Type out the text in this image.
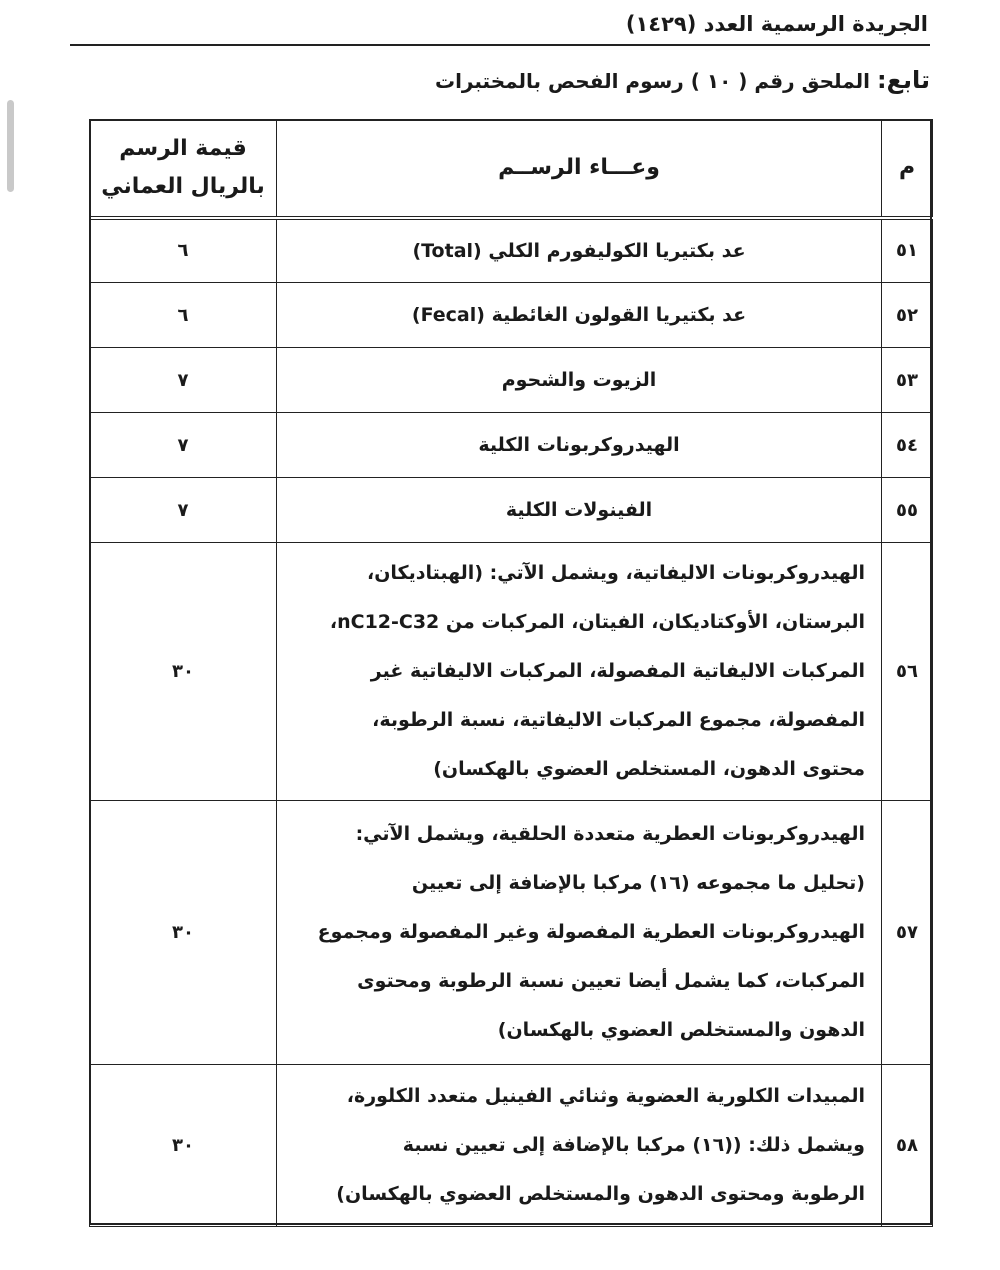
الجريدة الرسمية العدد (١٤٢٩)
تابع: الملحق رقم ( ١٠ ) رسوم الفحص بالمختبرات
م	وعـــاء الرســم	قيمة الرسم
بالريال العماني

٥١	عد بكتيريا الكوليفورم الكلي (Total)	٦
٥٢	عد بكتيريا القولون الغائطية (Fecal)	٦
٥٣	الزيوت والشحوم	٧
٥٤	الهيدروكربونات الكلية	٧
٥٥	الفينولات الكلية	٧
٥٦	الهيدروكربونات الاليفاتية، ويشمل الآتي: (الهبتاديكان،
البرستان، الأوكتاديكان، الفيتان، المركبات من nC12-C32،
المركبات الاليفاتية المفصولة، المركبات الاليفاتية غير
المفصولة، مجموع المركبات الاليفاتية، نسبة الرطوبة،
محتوى الدهون، المستخلص العضوي بالهكسان)	٣٠
٥٧	الهيدروكربونات العطرية متعددة الحلقية، ويشمل الآتي:
(تحليل ما مجموعه (١٦) مركبا بالإضافة إلى تعيين
الهيدروكربونات العطرية المفصولة وغير المفصولة ومجموع
المركبات، كما يشمل أيضا تعيين نسبة الرطوبة ومحتوى
الدهون والمستخلص العضوي بالهكسان)	٣٠
٥٨	المبيدات الكلورية العضوية وثنائي الفينيل متعدد الكلورة،
ويشمل ذلك: ((١٦) مركبا بالإضافة إلى تعيين نسبة
الرطوبة ومحتوى الدهون والمستخلص العضوي بالهكسان)	٣٠
